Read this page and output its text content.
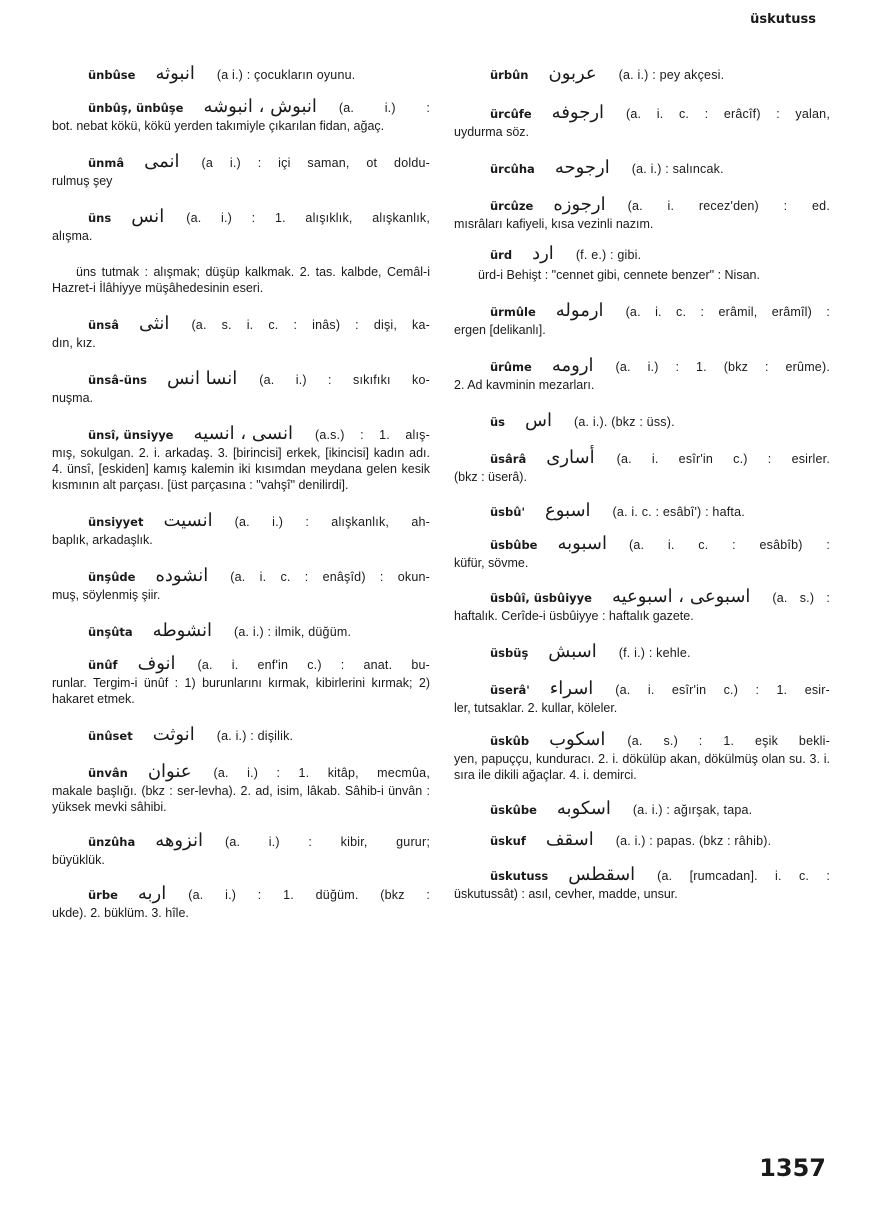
üskutuss
ünbûse انبوثه (a i.) : çocukların oyunu.
ünbûş, ünbûşe انبوش ، انبوشه (a. i.) :
bot. nebat kökü, kökü yerden takımiyle çıkarılan fidan, ağaç.
ünmâ انمى (a i.) : içi saman, ot doldu-
rulmuş şey
üns انس (a. i.) : 1. alışıklık, alışkanlık,
alışma.
üns tutmak : alışmak; düşüp kalkmak. 2. tas. kalbde, Cemâl-i Hazret-i İlâhiyye müşâhedesinin eseri.
ünsâ انثى (a. s. i. c. : inâs) : dişi, ka-
dın, kız.
ünsâ-üns انسا انس (a. i.) : sıkıfıkı ko-
nuşma.
ünsî, ünsiyye انسى ، انسيه (a.s.) : 1. alış-
mış, sokulgan. 2. i. arkadaş. 3. [birincisi] erkek, [ikincisi] kadın adı. 4. ünsî, [eskiden] kamış kalemin iki kısımdan meydana gelen kesik kısmının alt parçası. [üst parçasına : "vahşî" denilirdi].
ünsiyyet انسيت (a. i.) : alışkanlık, ah-
baplık, arkadaşlık.
ünşûde انشوده (a. i. c. : enâşîd) : okun-
muş, söylenmiş şiir.
ünşûta انشوطه (a. i.) : ilmik, düğüm.
ünûf انوف (a. i. enf'in c.) : anat. bu-
runlar. Tergim-i ünûf : 1) burunlarını kırmak, kibirlerini kırmak; 2) hakaret etmek.
ünûset انوثت (a. i.) : dişilik.
ünvân عنوان (a. i.) : 1. kitâp, mecmûa,
makale başlığı. (bkz : ser-levha). 2. ad, isim, lâkab. Sâhib-i ünvân : yüksek mevki sâhibi.
ünzûha انزوهه (a. i.) : kibir, gurur;
büyüklük.
ürbe اربه (a. i.) : 1. düğüm. (bkz :
ukde). 2. büklüm. 3. hîle.
ürbûn عربون (a. i.) : pey akçesi.
ürcûfe ارجوفه (a. i. c. : erâcîf) : yalan,
uydurma söz.
ürcûha ارجوحه (a. i.) : salıncak.
ürcûze ارجوزه (a. i. recez'den) : ed.
mısrâları kafiyeli, kısa vezinli nazım.
ürd ارد (f. e.) : gibi.
ürd-i Behişt : "cennet gibi, cennete benzer" : Nisan.
ürmûle ارموله (a. i. c. : erâmil, erâmîl) :
ergen [delikanlı].
ürûme ارومه (a. i.) : 1. (bkz : erûme).
2. Ad kavminin mezarları.
üs اس (a. i.). (bkz : üss).
üsârâ أسارى (a. i. esîr'in c.) : esirler.
(bkz : üserâ).
üsbû' اسبوع (a. i. c. : esâbî') : hafta.
üsbûbe اسبوبه (a. i. c. : esâbîb) :
küfür, sövme.
üsbûî, üsbûiyye اسبوعى ، اسبوعيه (a. s.) :
haftalık. Cerîde-i üsbûiyye : haftalık gazete.
üsbüş اسبش (f. i.) : kehle.
üserâ' اسراء (a. i. esîr'in c.) : 1. esir-
ler, tutsaklar. 2. kullar, köleler.
üskûb اسكوب (a. s.) : 1. eşik bekli-
yen, papuççu, kunduracı. 2. i. dökülüp akan, dökülmüş olan su. 3. i. sıra ile dikili ağaçlar. 4. i. demirci.
üskûbe اسكوبه (a. i.) : ağırşak, tapa.
üskuf اسقف (a. i.) : papas. (bkz : râhib).
üskutuss اسقطس (a. [rumcadan]. i. c. :
üskutussât) : asıl, cevher, madde, unsur.
1357
